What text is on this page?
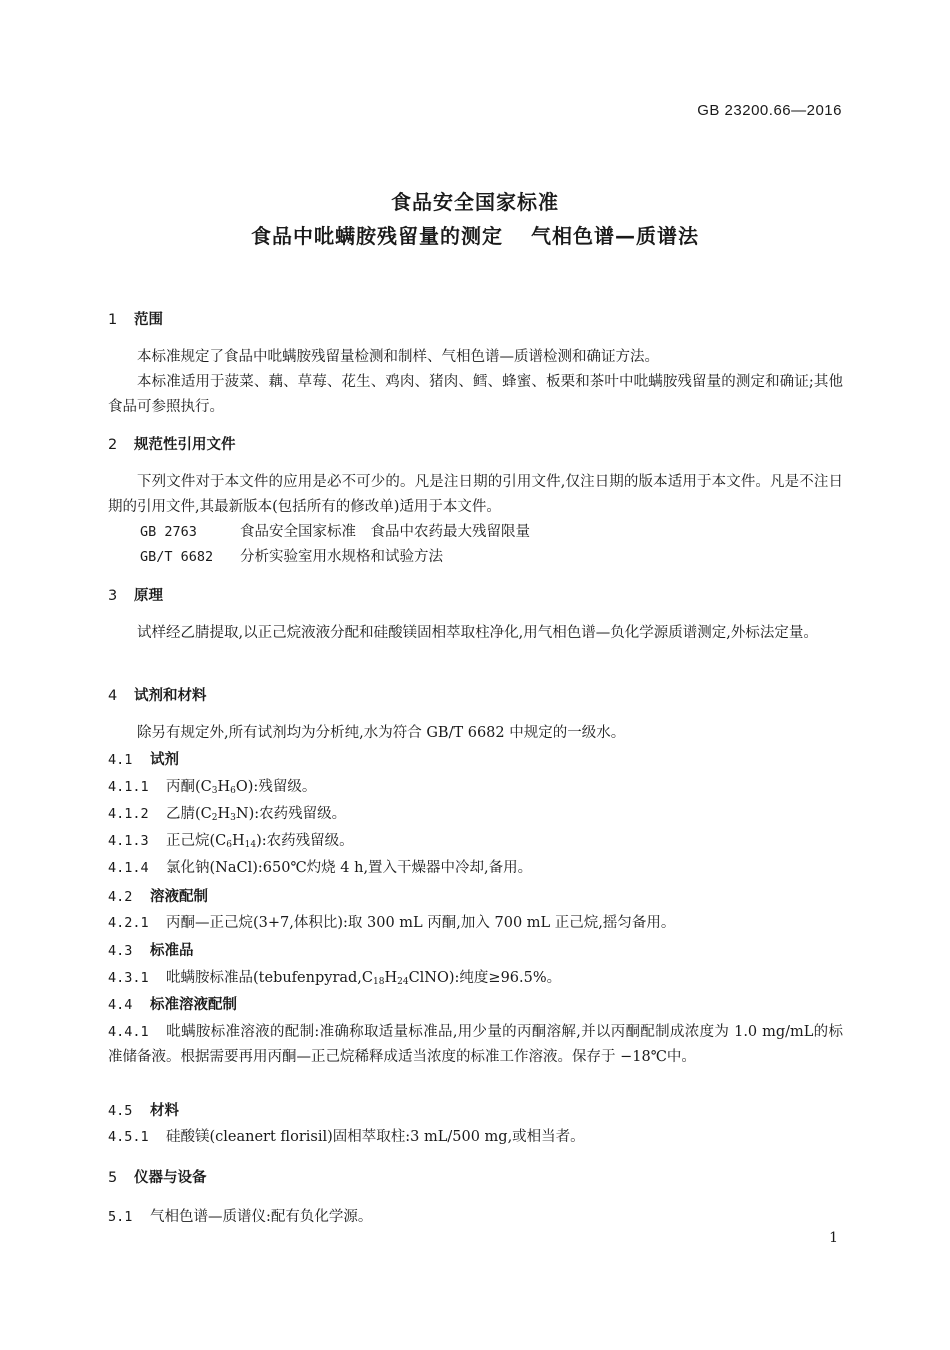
GB 23200.66—2016
食品安全国家标准
食品中吡螨胺残留量的测定 气相色谱—质谱法
1 范围
本标准规定了食品中吡螨胺残留量检测和制样、气相色谱—质谱检测和确证方法。
本标准适用于菠菜、藕、草莓、花生、鸡肉、猪肉、鳕、蜂蜜、板栗和茶叶中吡螨胺残留量的测定和确证;其他食品可参照执行。
2 规范性引用文件
下列文件对于本文件的应用是必不可少的。凡是注日期的引用文件,仅注日期的版本适用于本文件。凡是不注日期的引用文件,其最新版本(包括所有的修改单)适用于本文件。
GB 2763	食品安全国家标准　食品中农药最大残留限量
GB/T 6682 分析实验室用水规格和试验方法
3 原理
试样经乙腈提取,以正己烷液液分配和硅酸镁固相萃取柱净化,用气相色谱—负化学源质谱测定,外标法定量。
4 试剂和材料
除另有规定外,所有试剂均为分析纯,水为符合 GB/T 6682 中规定的一级水。
4.1 试剂
4.1.1 丙酮$(C_3H_6O)$:残留级。
4.1.2 乙腈$(C_2H_3N)$:农药残留级。
4.1.3 正己烷$(C_6H_{14})$:农药残留级。
4.1.4 氯化钠(NaCl):650℃灼烧 4 h,置入干燥器中冷却,备用。
4.2 溶液配制
4.2.1 丙酮—正己烷(3+7,体积比):取 300 mL 丙酮,加入 700 mL 正己烷,摇匀备用。
4.3 标准品
4.3.1 吡螨胺标准品$(tebufenpyrad,C_{18}H_{24}ClNO)$:纯度≥96.5%。
4.4 标准溶液配制
4.4.1 吡螨胺标准溶液的配制:准确称取适量标准品,用少量的丙酮溶解,并以丙酮配制成浓度为 1.0 mg/mL的标准储备液。根据需要再用丙酮—正己烷稀释成适当浓度的标准工作溶液。保存于 −18℃中。
4.5 材料
4.5.1 硅酸镁(cleanert florisil)固相萃取柱:3 mL/500 mg,或相当者。
5 仪器与设备
5.1 气相色谱—质谱仪:配有负化学源。
1
